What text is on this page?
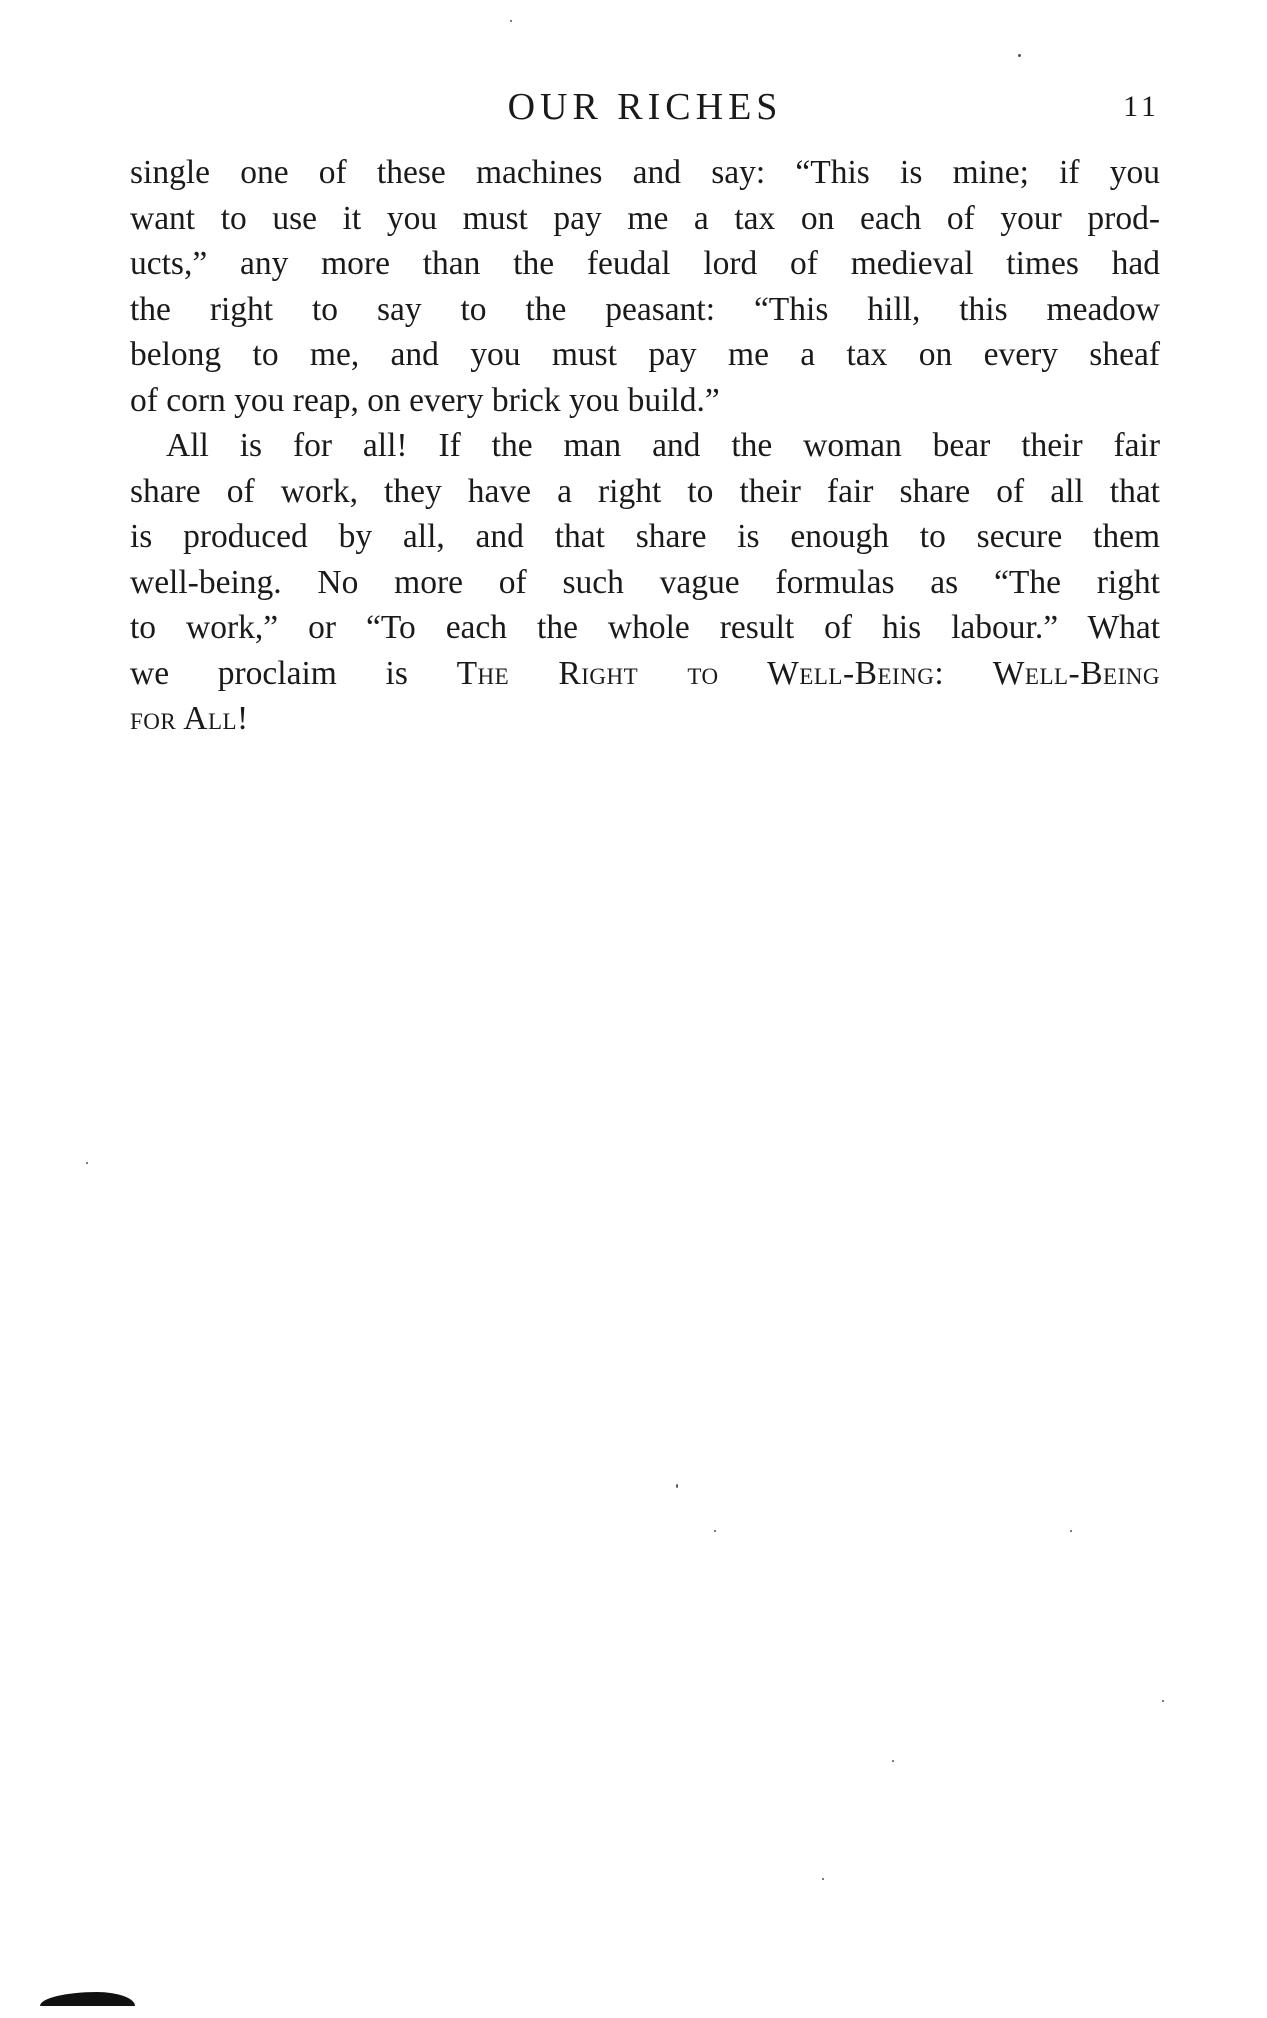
OUR RICHES	11
single one of these machines and say: “This is mine; if you
want to use it you must pay me a tax on each of your prod-
ucts,” any more than the feudal lord of medieval times had
the right to say to the peasant: “This hill, this meadow
belong to me, and you must pay me a tax on every sheaf
of corn you reap, on every brick you build.”
All is for all! If the man and the woman bear their fair
share of work, they have a right to their fair share of all that
is produced by all, and that share is enough to secure them
well-being. No more of such vague formulas as “The right
to work,” or “To each the whole result of his labour.” What
we proclaim is The Right to Well-Being: Well-Being
for All!
